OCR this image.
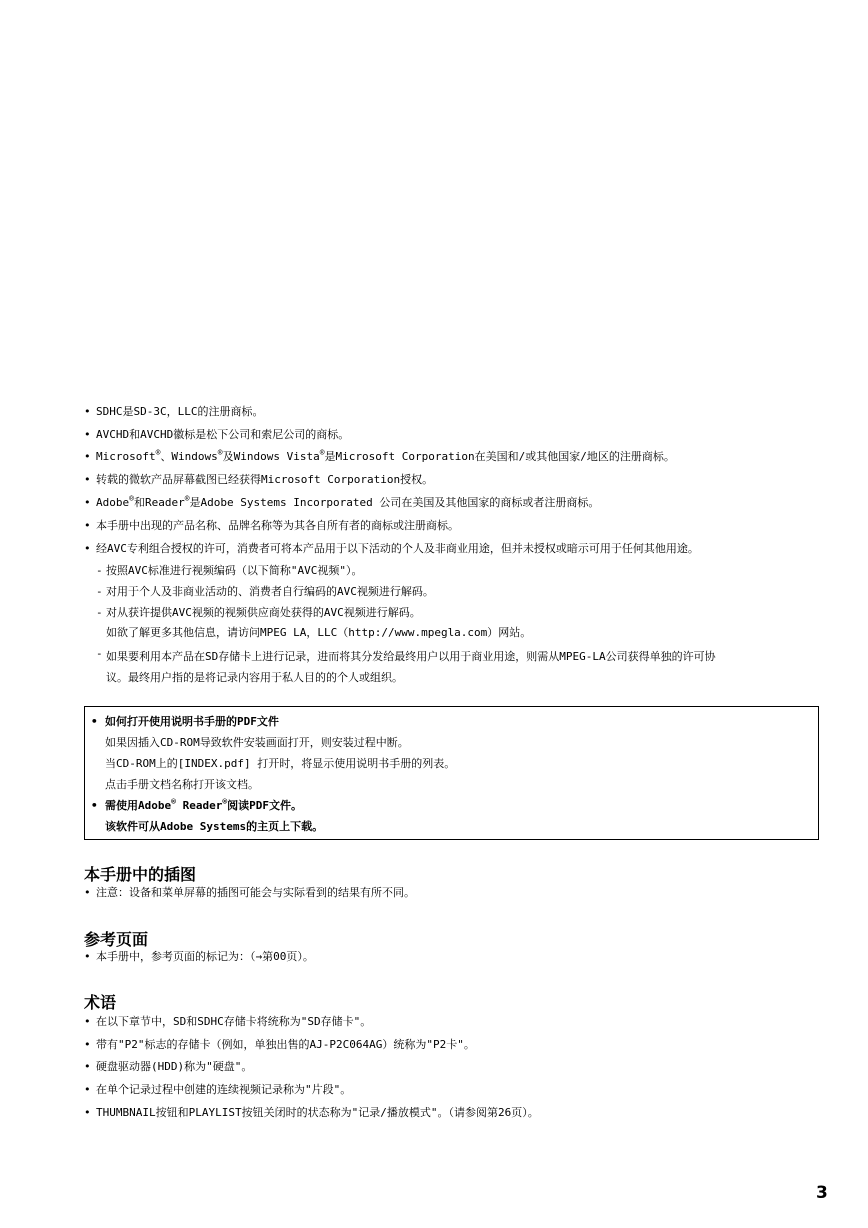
• SDHC是SD-3C，LLC的注册商标。
• AVCHD和AVCHD徽标是松下公司和索尼公司的商标。
• Microsoft®、Windows®及Windows Vista®是Microsoft Corporation在美国和/或其他国家/地区的注册商标。
• 转载的微软产品屏幕截图已经获得Microsoft Corporation授权。
• Adobe®和Reader®是Adobe Systems Incorporated 公司在美国及其他国家的商标或者注册商标。
• 本手册中出现的产品名称、品牌名称等为其各自所有者的商标或注册商标。
• 经AVC专利组合授权的许可，消费者可将本产品用于以下活动的个人及非商业用途，但并未授权或暗示可用于任何其他用途。
- 按照AVC标准进行视频编码（以下简称"AVC视频"）。
- 对用于个人及非商业活动的、消费者自行编码的AVC视频进行解码。
- 对从获许提供AVC视频的视频供应商处获得的AVC视频进行解码。
如欲了解更多其他信息，请访问MPEG LA，LLC（http://www.mpegla.com）网站。
- 如果要利用本产品在SD存储卡上进行记录，进而将其分发给最终用户以用于商业用途，则需从MPEG-LA公司获得单独的许可协
议。最终用户指的是将记录内容用于私人目的的个人或组织。
• 如何打开使用说明书手册的PDF文件
如果因插入CD-ROM导致软件安装画面打开，则安装过程中断。
当CD-ROM上的[INDEX.pdf] 打开时，将显示使用说明书手册的列表。
点击手册文档名称打开该文档。
• 需使用Adobe® Reader®阅读PDF文件。
该软件可从Adobe Systems的主页上下载。
本手册中的插图
• 注意：设备和菜单屏幕的插图可能会与实际看到的结果有所不同。
参考页面
• 本手册中，参考页面的标记为：（→第00页）。
术语
• 在以下章节中，SD和SDHC存储卡将统称为"SD存储卡"。
• 带有"P2"标志的存储卡（例如，单独出售的AJ-P2C064AG）统称为"P2卡"。
• 硬盘驱动器(HDD)称为"硬盘"。
• 在单个记录过程中创建的连续视频记录称为"片段"。
• THUMBNAIL按钮和PLAYLIST按钮关闭时的状态称为"记录/播放模式"。（请参阅第26页）。
3
